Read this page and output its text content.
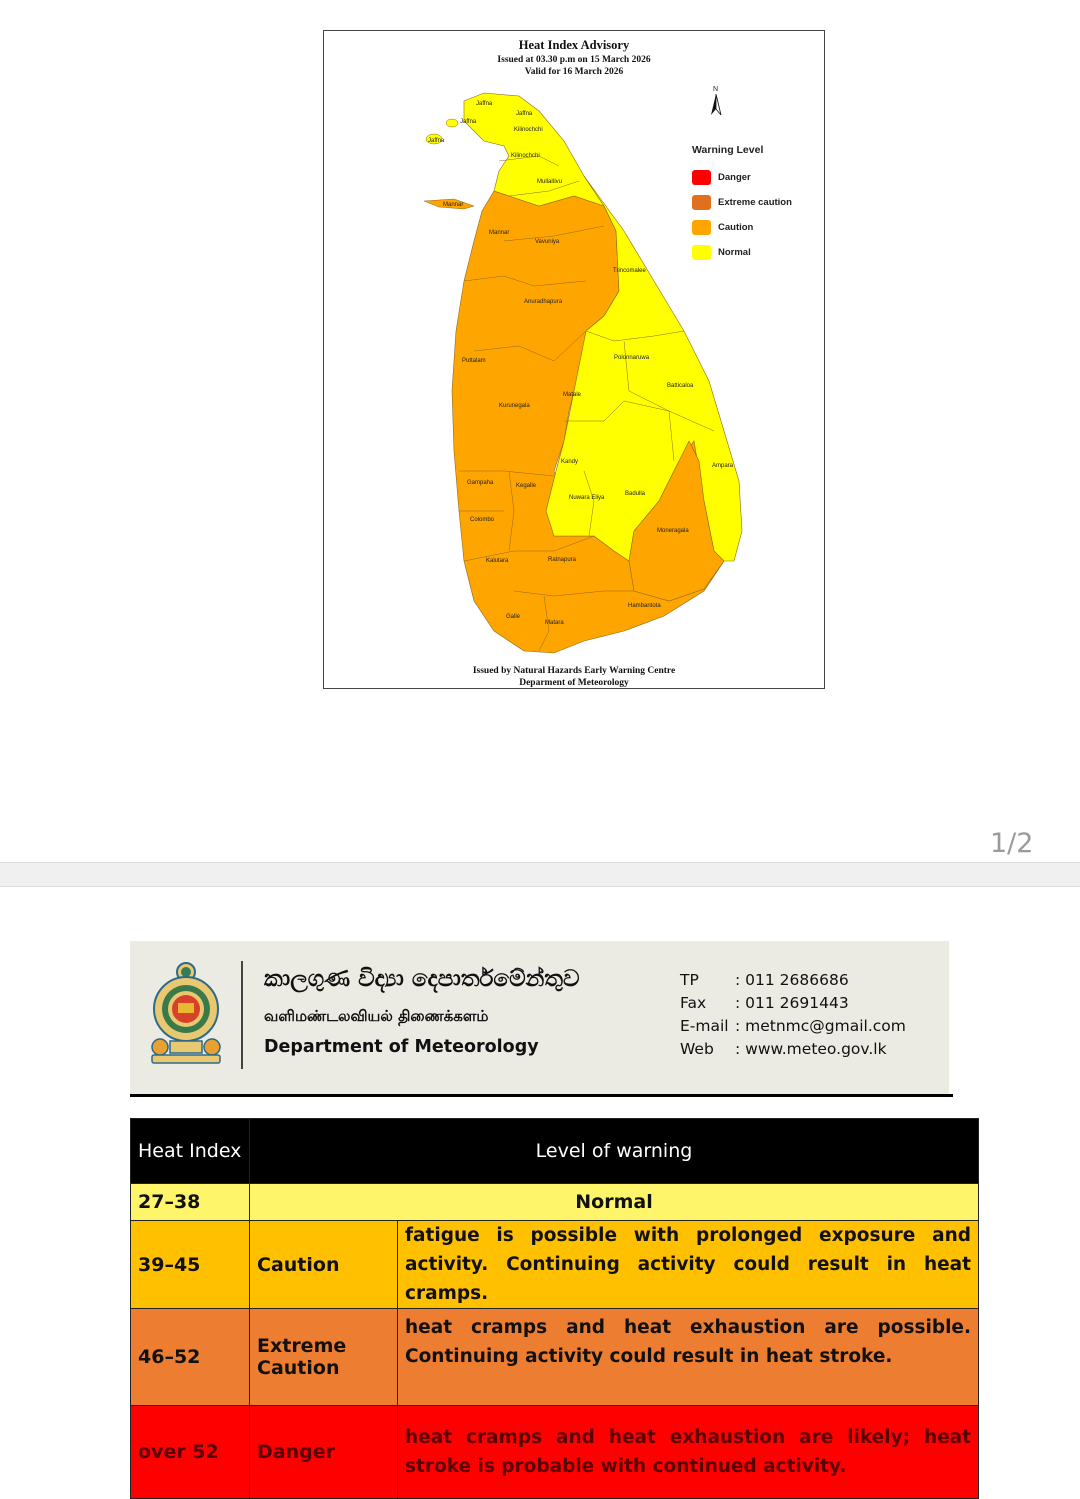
Jaffna
Jaffna
Jaffna
Jaffna
Kilinochchi
Kilinochchi
Mullaitivu
Mannar
Mannar
Vavuniya
Trincomalee
Anuradhapura
Puttalam	Polonnaruwa
Batticaloa
Matale
Kurunegala
Kandy
Ampara
Gampaha	Kegalle
Nuwara Eliya
Badulla
Colombo
Moneragala
Kalutara	Ratnapura
Hambantota
Galle
Matara
Heat Index Advisory
Issued at 03.30 p.m on 15 March 2026
Valid for 16 March 2026
N
Warning Level
Danger
Extreme caution
Caution
Normal
Issued by Natural Hazards Early Warning Centre
Deparment of Meteorology
1/2
කාලගුණ විද්‍යා දෙපාර්තමේන්තුව
வளிமண்டலவியல் திணைக்களம்
Department of Meteorology
TP	: 011 2686686
Fax	: 011 2691443
E-mail : metnmc@gmail.com
Web	: www.meteo.gov.lk
Heat Index	Level of warning	
27–38	Normal	
39–45	Caution	fatigue is possible with prolonged exposure and activity. Continuing activity could result in heat cramps.
46–52	Extreme Caution	heat cramps and heat exhaustion are possible. Continuing activity could result in heat stroke.
over 52	Danger	heat cramps and heat exhaustion are likely; heat stroke is probable with continued activity.
